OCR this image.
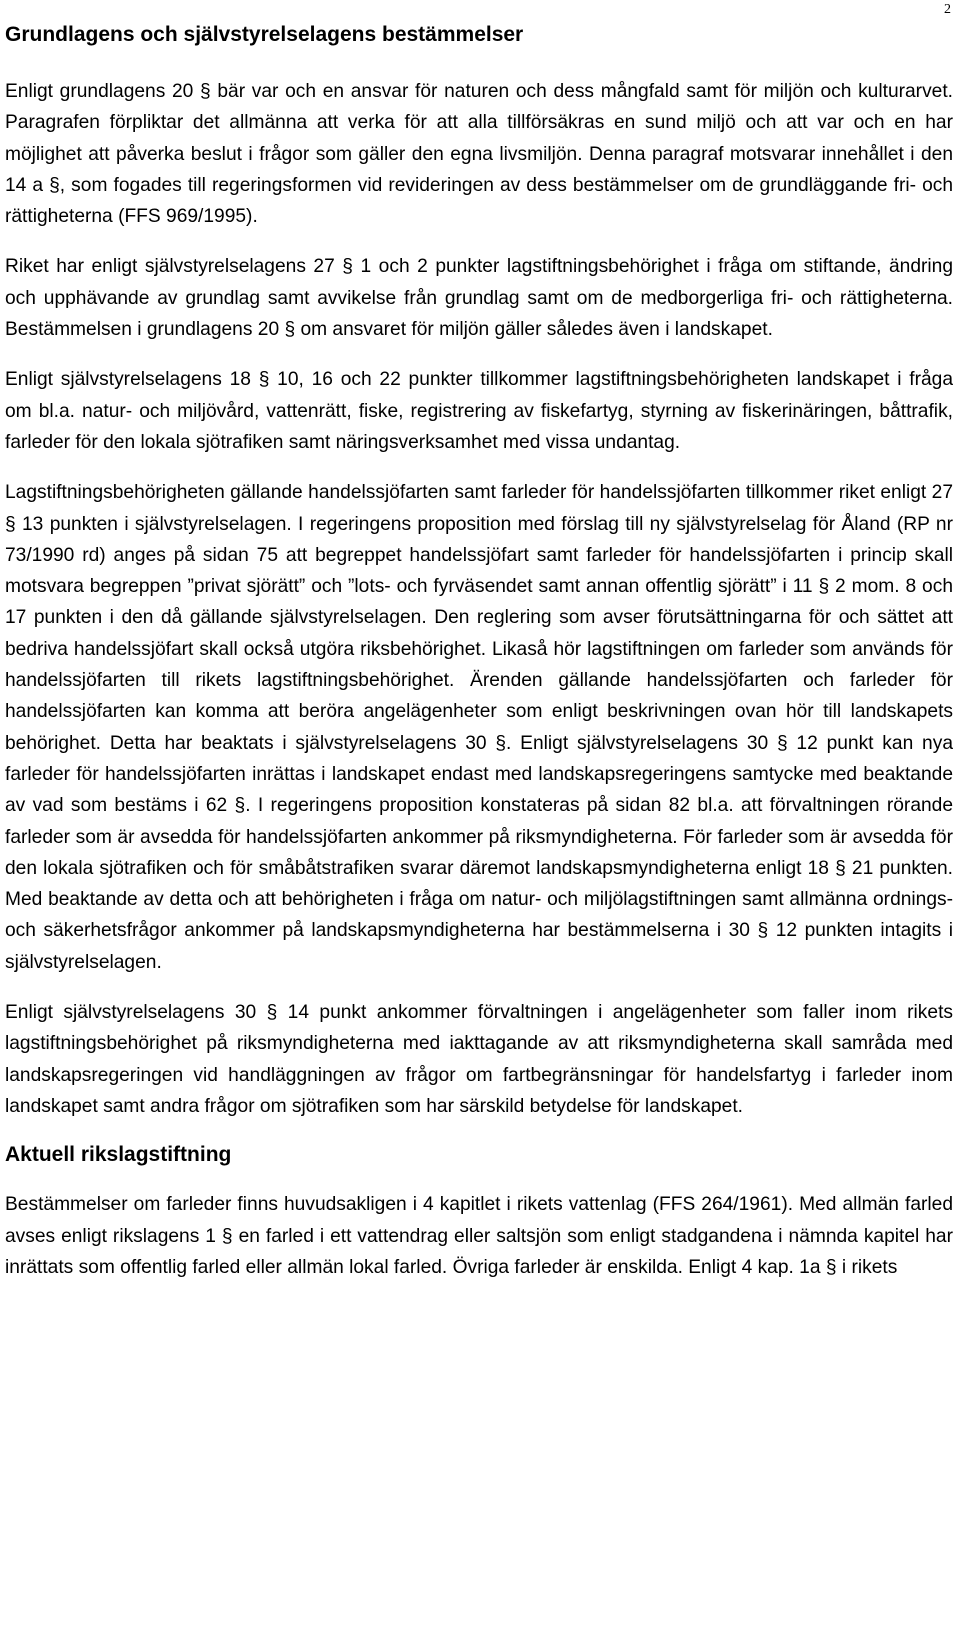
2
Grundlagens och självstyrelselagens bestämmelser

Enligt grundlagens 20 § bär var och en ansvar för naturen och dess mångfald samt för miljön och kulturarvet. Paragrafen förpliktar det allmänna att verka för att alla tillförsäkras en sund miljö och att var och en har möjlighet att påverka beslut i frågor som gäller den egna livsmiljön. Denna paragraf motsvarar innehållet i den 14 a §, som fogades till regeringsformen vid revideringen av dess bestämmelser om de grundläggande fri- och rättigheterna (FFS 969/1995).

Riket har enligt självstyrelselagens 27 § 1 och 2 punkter lagstiftningsbehörighet i fråga om stiftande, ändring och upphävande av grundlag samt avvikelse från grundlag samt om de medborgerliga fri- och rättigheterna. Bestämmelsen i grundlagens 20 § om ansvaret för miljön gäller således även i landskapet.

Enligt självstyrelselagens 18 § 10, 16 och 22 punkter tillkommer lagstiftningsbehörigheten landskapet i fråga om bl.a. natur- och miljövård, vattenrätt, fiske, registrering av fiskefartyg, styrning av fiskerinäringen, båttrafik, farleder för den lokala sjötrafiken samt näringsverksamhet med vissa undantag.

Lagstiftningsbehörigheten gällande handelssjöfarten samt farleder för handelssjöfarten tillkommer riket enligt 27 § 13 punkten i självstyrelselagen. I regeringens proposition med förslag till ny självstyrelselag för Åland (RP nr 73/1990 rd) anges på sidan 75 att begreppet handelssjöfart samt farleder för handelssjöfarten i princip skall motsvara begreppen ”privat sjörätt” och ”lots- och fyrväsendet samt annan offentlig sjörätt” i 11 § 2 mom. 8 och 17 punkten i den då gällande självstyrelselagen. Den reglering som avser förutsättningarna för och sättet att bedriva handelssjöfart skall också utgöra riksbehörighet. Likaså hör lagstiftningen om farleder som används för handelssjöfarten till rikets lagstiftningsbehörighet. Ärenden gällande handelssjöfarten och farleder för handelssjöfarten kan komma att beröra angelägenheter som enligt beskrivningen ovan hör till landskapets behörighet. Detta har beaktats i självstyrelselagens 30 §. Enligt självstyrelselagens 30 § 12 punkt kan nya farleder för handelssjöfarten inrättas i landskapet endast med landskapsregeringens samtycke med beaktande av vad som bestäms i 62 §. I regeringens proposition konstateras på sidan 82 bl.a. att förvaltningen rörande farleder som är avsedda för handelssjöfarten ankommer på riksmyndigheterna. För farleder som är avsedda för den lokala sjötrafiken och för småbåtstrafiken svarar däremot landskapsmyndigheterna enligt 18 § 21 punkten. Med beaktande av detta och att behörigheten i fråga om natur- och miljölagstiftningen samt allmänna ordnings- och säkerhetsfrågor ankommer på landskapsmyndigheterna har bestämmelserna i 30 § 12 punkten intagits i självstyrelselagen.

Enligt självstyrelselagens 30 § 14 punkt ankommer förvaltningen i angelägenheter som faller inom rikets lagstiftningsbehörighet på riksmyndigheterna med iakttagande av att riksmyndigheterna skall samråda med landskapsregeringen vid handläggningen av frågor om fartbegränsningar för handelsfartyg i farleder inom landskapet samt andra frågor om sjötrafiken som har särskild betydelse för landskapet.

Aktuell rikslagstiftning

Bestämmelser om farleder finns huvudsakligen i 4 kapitlet i rikets vattenlag (FFS 264/1961). Med allmän farled avses enligt rikslagens 1 § en farled i ett vattendrag eller saltsjön som enligt stadgandena i nämnda kapitel har inrättats som offentlig farled eller allmän lokal farled. Övriga farleder är enskilda. Enligt 4 kap. 1a § i rikets
